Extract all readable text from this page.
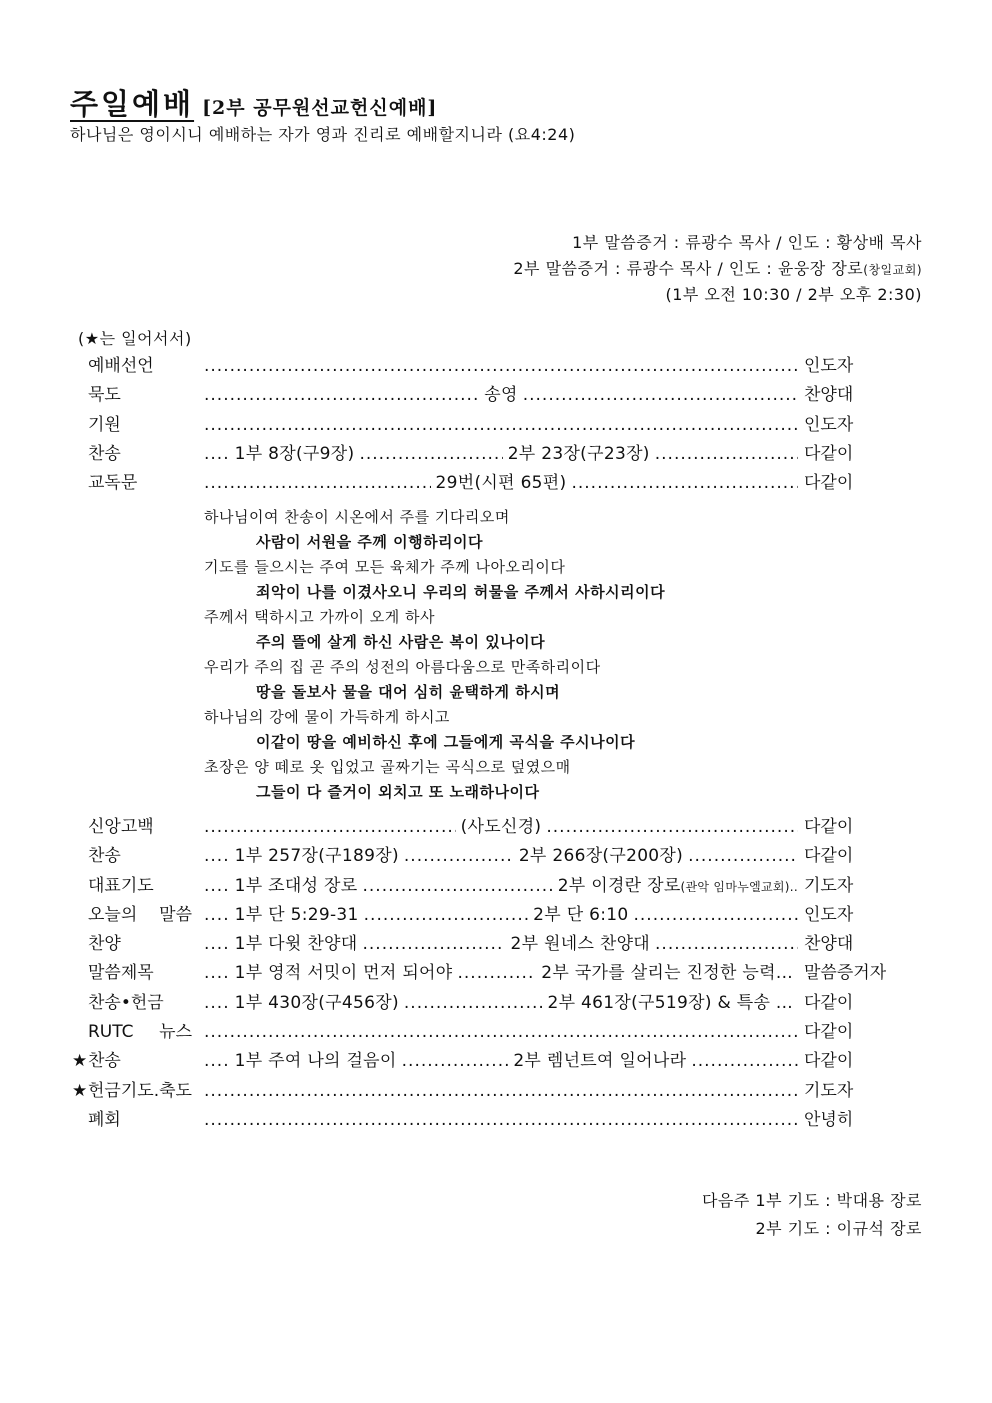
주일예배 [2부 공무원선교헌신예배]
하나님은 영이시니 예배하는 자가 영과 진리로 예배할지니라 (요4:24)
1부 말씀증거 : 류광수 목사 / 인도 : 황상배 목사
2부 말씀증거 : 류광수 목사 / 인도 : 윤웅장 장로(창일교회)
(1부 오전 10:30 / 2부 오후 2:30)
(★는 일어서서)
예배선언 .....	인도자
묵도 .....	송영 .....	찬양대
기원 .....	인도자
찬송	.... 1부 8장(구9장) .....	2부 23장(구23장) .....	다같이
교독문 .....	29번(시편 65편) .....	다같이
하나님이여 찬송이 시온에서 주를 기다리오며
사람이 서원을 주께 이행하리이다
기도를 들으시는 주여 모든 육체가 주께 나아오리이다
죄악이 나를 이겼사오니 우리의 허물을 주께서 사하시리이다
주께서 택하시고 가까이 오게 하사
주의 뜰에 살게 하신 사람은 복이 있나이다
우리가 주의 집 곧 주의 성전의 아름다움으로 만족하리이다
땅을 돌보사 물을 대어 심히 윤택하게 하시며
하나님의 강에 물이 가득하게 하시고
이같이 땅을 예비하신 후에 그들에게 곡식을 주시나이다
초장은 양 떼로 옷 입었고 골짜기는 곡식으로 덮였으매
그들이 다 즐거이 외치고 또 노래하나이다
신앙고백 .....	(사도신경) .....	다같이
찬송	.... 1부 257장(구189장) .....	2부 266장(구200장) .....	다같이
대표기도	.... 1부 조대성 장로 .....	2부 이경란 장로 (관악 임마누엘교회).. 기도자
오늘의 말씀 .... 1부 단 5:29-31 .....	2부 단 6:10 .....	인도자
찬양	.... 1부 다윗 찬양대 .....	2부 원네스 찬양대 .....	찬양대
말씀제목	.... 1부 영적 서밋이 먼저 되어야 .....	2부 국가를 살리는 진정한 능력... 말씀증거자
찬송•헌금	.... 1부 430장(구456장) .....	2부 461장(구519장) & 특송 ... 다같이
RUTC 뉴스 .....	다같이
★ 찬송	.... 1부 주여 나의 걸음이 .....	2부 렘넌트여 일어나라 .....	다같이
★ 헌금기도.축도 .....	기도자
폐회 .....	안녕히
다음주 1부 기도 : 박대용 장로
2부 기도 : 이규석 장로
